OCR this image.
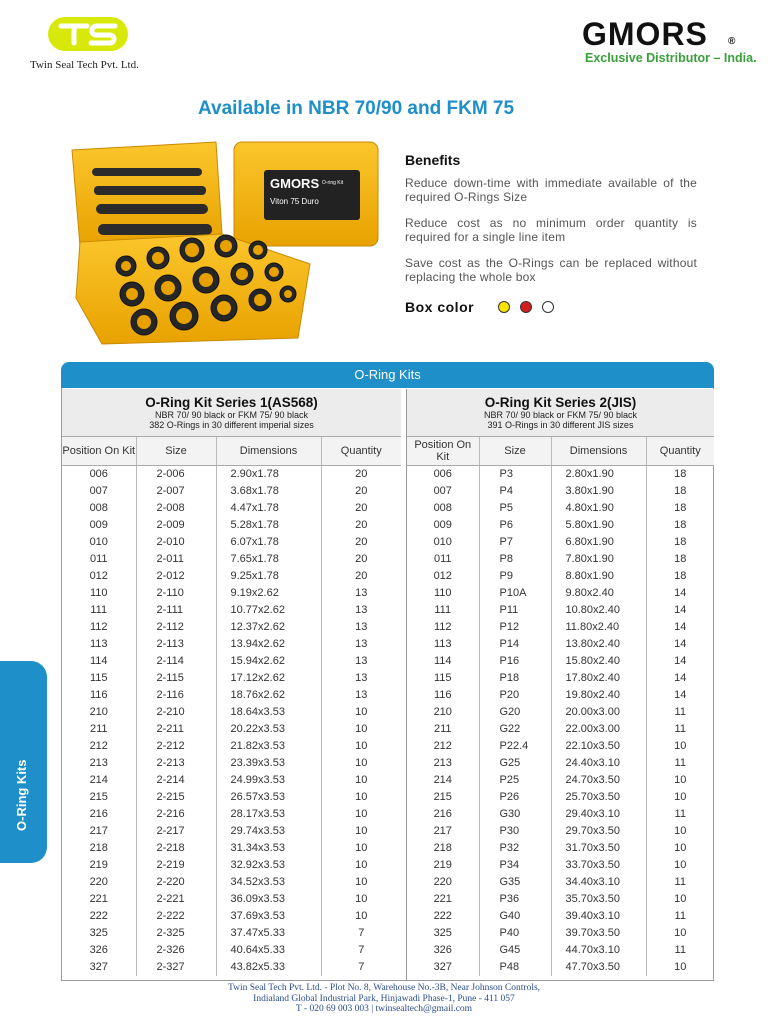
Twin Seal Tech Pvt. Ltd.
GMORS ®
Exclusive Distributor – India.
Available in NBR 70/90 and FKM 75
GMORS
Viton 75 Duro
O-ring Kit
Benefits

Reduce down-time with immediate available of the required O-Rings Size

Reduce cost as no minimum order quantity is required for a single line item

Save cost as the O-Rings can be replaced without replacing the whole box

Box color
O-Ring Kits
O-Ring Kits
O-Ring Kit Series 1(AS568)
NBR 70/ 90 black or FKM 75/ 90 black
382 O-Rings in 30 different imperial sizes
Position On Kit	Size	Dimensions	Quantity
006	2-006	2.90x1.78	20
007	2-007	3.68x1.78	20
008	2-008	4.47x1.78	20
009	2-009	5.28x1.78	20
010	2-010	6.07x1.78	20
011	2-011	7.65x1.78	20
012	2-012	9.25x1.78	20
110	2-110	9.19x2.62	13
111	2-111	10.77x2.62	13
112	2-112	12.37x2.62	13
113	2-113	13.94x2.62	13
114	2-114	15.94x2.62	13
115	2-115	17.12x2.62	13
116	2-116	18.76x2.62	13
210	2-210	18.64x3.53	10
211	2-211	20.22x3.53	10
212	2-212	21.82x3.53	10
213	2-213	23.39x3.53	10
214	2-214	24.99x3.53	10
215	2-215	26.57x3.53	10
216	2-216	28.17x3.53	10
217	2-217	29.74x3.53	10
218	2-218	31.34x3.53	10
219	2-219	32.92x3.53	10
220	2-220	34.52x3.53	10
221	2-221	36.09x3.53	10
222	2-222	37.69x3.53	10
325	2-325	37.47x5.33	7
326	2-326	40.64x5.33	7
327	2-327	43.82x5.33	7
O-Ring Kit Series 2(JIS)
NBR 70/ 90 black or FKM 75/ 90 black
391 O-Rings in 30 different JIS sizes
Position On Kit	Size	Dimensions	Quantity
006	P3	2.80x1.90	18
007	P4	3.80x1.90	18
008	P5	4.80x1.90	18
009	P6	5.80x1.90	18
010	P7	6.80x1.90	18
011	P8	7.80x1.90	18
012	P9	8.80x1.90	18
110	P10A	9.80x2.40	14
111	P11	10.80x2.40	14
112	P12	11.80x2.40	14
113	P14	13.80x2.40	14
114	P16	15.80x2.40	14
115	P18	17.80x2.40	14
116	P20	19.80x2.40	14
210	G20	20.00x3.00	11
211	G22	22.00x3.00	11
212	P22.4	22.10x3.50	10
213	G25	24.40x3.10	11
214	P25	24.70x3.50	10
215	P26	25.70x3.50	10
216	G30	29.40x3.10	11
217	P30	29.70x3.50	10
218	P32	31.70x3.50	10
219	P34	33.70x3.50	10
220	G35	34.40x3.10	11
221	P36	35.70x3.50	10
222	G40	39.40x3.10	11
325	P40	39.70x3.50	10
326	G45	44.70x3.10	11
327	P48	47.70x3.50	10
Twin Seal Tech Pvt. Ltd. - Plot No. 8, Warehouse No.-3B, Near Johnson Controls,
Indialand Global Industrial Park, Hinjawadi Phase-1, Pune - 411 057
T - 020 69 003 003 | twinsealtech@gmail.com
